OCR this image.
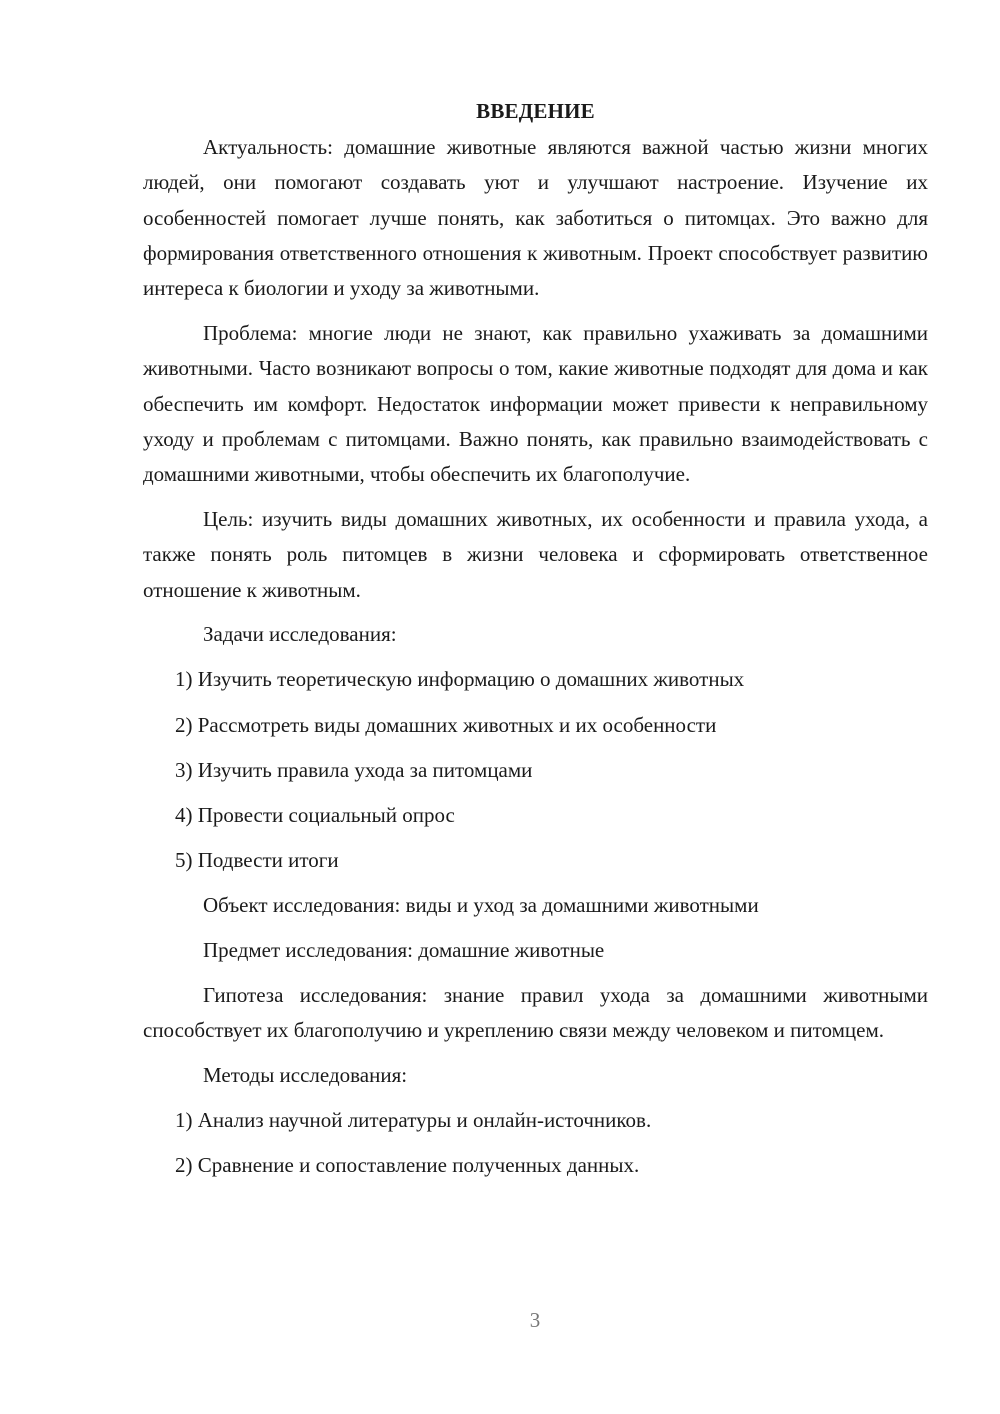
ВВЕДЕНИЕ

Актуальность: домашние животные являются важной частью жизни многих людей, они помогают создавать уют и улучшают настроение. Изучение их особенностей помогает лучше понять, как заботиться о питомцах. Это важно для формирования ответственного отношения к животным. Проект способствует развитию интереса к биологии и уходу за животными.

Проблема: многие люди не знают, как правильно ухаживать за домашними животными. Часто возникают вопросы о том, какие животные подходят для дома и как обеспечить им комфорт. Недостаток информации может привести к неправильному уходу и проблемам с питомцами. Важно понять, как правильно взаимодействовать с домашними животными, чтобы обеспечить их благополучие.

Цель: изучить виды домашних животных, их особенности и правила ухода, а также понять роль питомцев в жизни человека и сформировать ответственное отношение к животным.

Задачи исследования:
1) Изучить теоретическую информацию о домашних животных
2) Рассмотреть виды домашних животных и их особенности
3) Изучить правила ухода за питомцами
4) Провести социальный опрос
5) Подвести итоги
Объект исследования: виды и уход за домашними животными
Предмет исследования: домашние животные

Гипотеза исследования: знание правил ухода за домашними животными способствует их благополучию и укреплению связи между человеком и питомцем.

Методы исследования:
1) Анализ научной литературы и онлайн-источников.
2) Сравнение и сопоставление полученных данных.
3
